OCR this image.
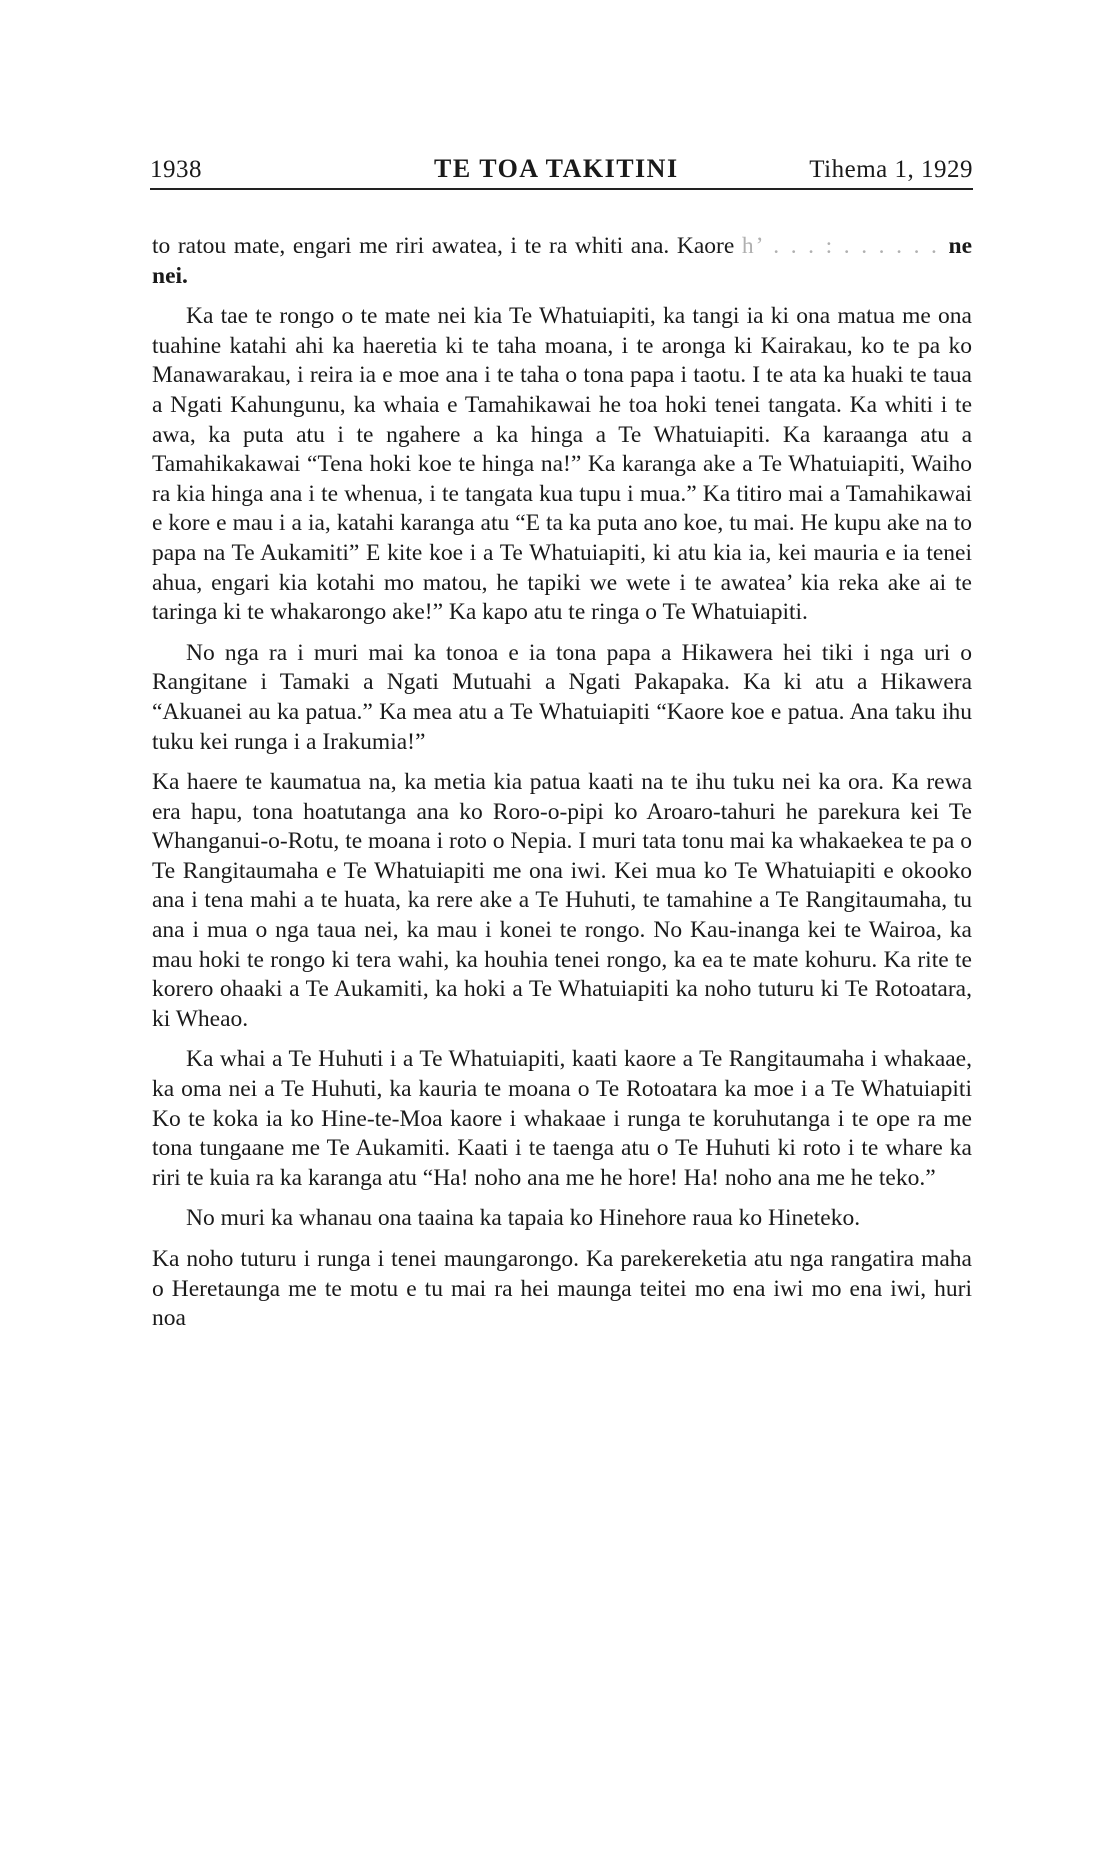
1938	TE TOA TAKITINI	Tihema 1, 1929

to ratou mate, engari me riri awatea, i te ra whiti ana. Kaore h’ . . . : . . . . . . ne nei.

Ka tae te rongo o te mate nei kia Te Whatuiapiti, ka tangi ia ki ona matua me ona tuahine katahi ahi ka haeretia ki te taha moana, i te aronga ki Kairakau, ko te pa ko Manawarakau, i reira ia e moe ana i te taha o tona papa i taotu. I te ata ka huaki te taua a Ngati Kahungunu, ka whaia e Tamahikawai he toa hoki tenei tangata. Ka whiti i te awa, ka puta atu i te ngahere a ka hinga a Te Whatuiapiti. Ka karaanga atu a Tamahikakawai “Tena hoki koe te hinga na!” Ka karanga ake a Te Whatuiapiti, Waiho ra kia hinga ana i te whenua, i te tangata kua tupu i mua.” Ka titiro mai a Tamahikawai e kore e mau i a ia, katahi karanga atu “E ta ka puta ano koe, tu mai. He kupu ake na to papa na Te Aukamiti” E kite koe i a Te Whatuiapiti, ki atu kia ia, kei mauria e ia tenei ahua, engari kia kotahi mo matou, he tapiki we wete i te awatea’ kia reka ake ai te taringa ki te whakarongo ake!” Ka kapo atu te ringa o Te Whatuiapiti.

No nga ra i muri mai ka tonoa e ia tona papa a Hikawera hei tiki i nga uri o Rangitane i Tamaki a Ngati Mutuahi a Ngati Pakapaka. Ka ki atu a Hikawera “Akuanei au ka patua.” Ka mea atu a Te Whatuiapiti “Kaore koe e patua. Ana taku ihu tuku kei runga i a Irakumia!”

Ka haere te kaumatua na, ka metia kia patua kaati na te ihu tuku nei ka ora. Ka rewa era hapu, tona hoatutanga ana ko Roro-o-pipi ko Aroaro-tahuri he parekura kei Te Whanganui-o-Rotu, te moana i roto o Nepia. I muri tata tonu mai ka whakaekea te pa o Te Rangitaumaha e Te Whatuiapiti me ona iwi. Kei mua ko Te Whatuiapiti e okooko ana i tena mahi a te huata, ka rere ake a Te Huhuti, te tamahine a Te Rangitaumaha, tu ana i mua o nga taua nei, ka mau i konei te rongo. No Kau-inanga kei te Wairoa, ka mau hoki te rongo ki tera wahi, ka houhia tenei rongo, ka ea te mate kohuru. Ka rite te korero ohaaki a Te Aukamiti, ka hoki a Te Whatuiapiti ka noho tuturu ki Te Rotoatara, ki Wheao.

Ka whai a Te Huhuti i a Te Whatuiapiti, kaati kaore a Te Rangitaumaha i whakaae, ka oma nei a Te Huhuti, ka kauria te moana o Te Rotoatara ka moe i a Te Whatuiapiti Ko te koka ia ko Hine-te-Moa kaore i whakaae i runga te koruhutanga i te ope ra me tona tungaane me Te Aukamiti. Kaati i te taenga atu o Te Huhuti ki roto i te whare ka riri te kuia ra ka karanga atu “Ha! noho ana me he hore! Ha! noho ana me he teko.”

No muri ka whanau ona taaina ka tapaia ko Hinehore raua ko Hineteko.

Ka noho tuturu i runga i tenei maungarongo. Ka parekereketia atu nga rangatira maha o Heretaunga me te motu e tu mai ra hei maunga teitei mo ena iwi mo ena iwi, huri noa
